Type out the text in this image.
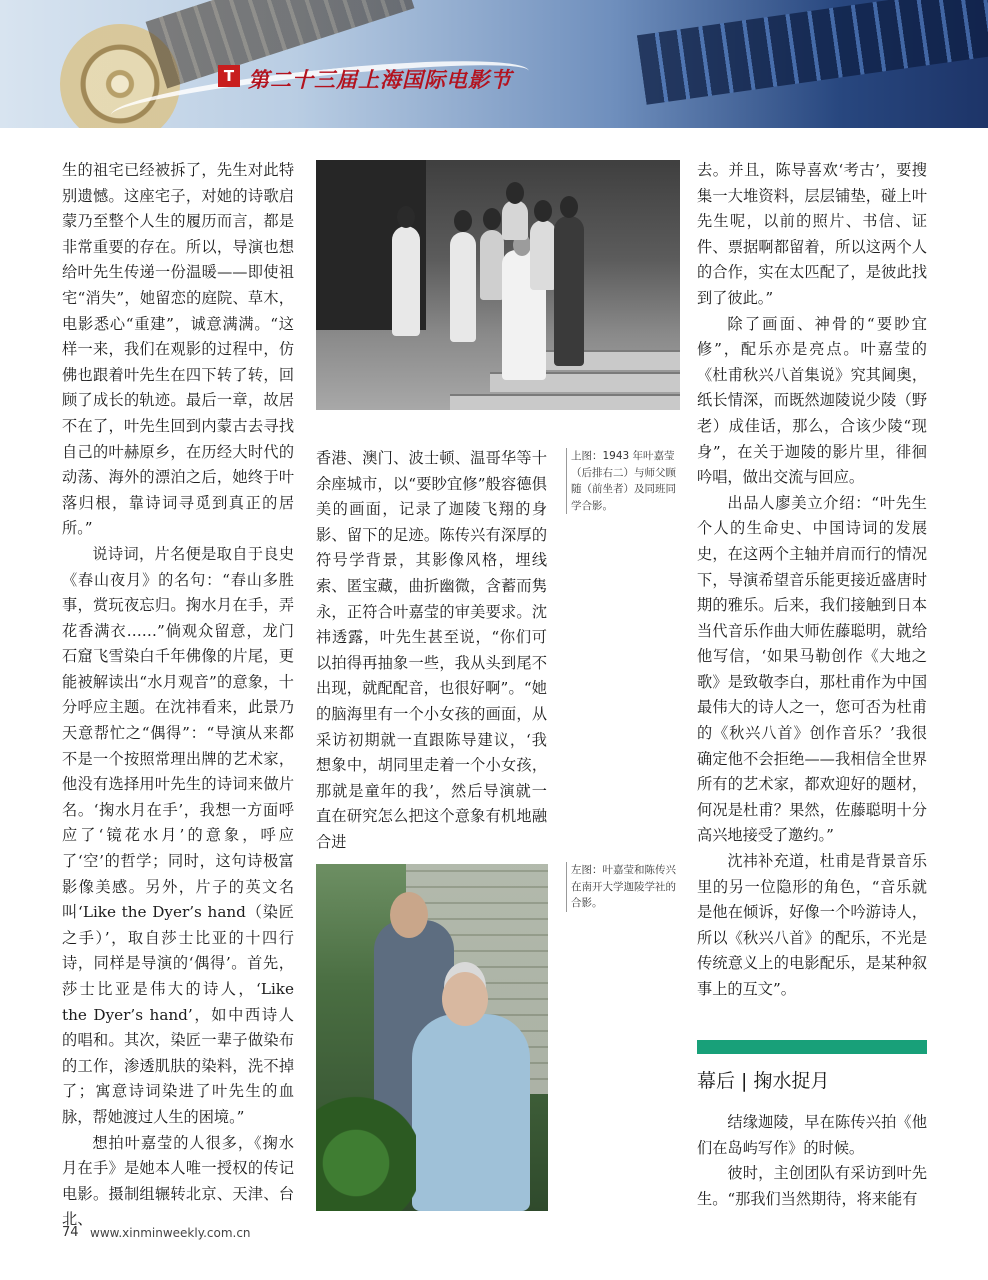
T 第二十三届上海国际电影节

生的祖宅已经被拆了，先生对此特别遗憾。这座宅子，对她的诗歌启蒙乃至整个人生的履历而言，都是非常重要的存在。所以，导演也想给叶先生传递一份温暖——即使祖宅“消失”，她留恋的庭院、草木，电影悉心“重建”，诚意满满。“这样一来，我们在观影的过程中，仿佛也跟着叶先生在四下转了转，回顾了成长的轨迹。最后一章，故居不在了，叶先生回到内蒙古去寻找自己的叶赫原乡，在历经大时代的动荡、海外的漂泊之后，她终于叶落归根，靠诗词寻觅到真正的居所。”

说诗词，片名便是取自于良史《春山夜月》的名句：“春山多胜事，赏玩夜忘归。掬水月在手，弄花香满衣……”倘观众留意，龙门石窟飞雪染白千年佛像的片尾，更能被解读出“水月观音”的意象，十分呼应主题。在沈祎看来，此景乃天意帮忙之“偶得”：“导演从来都不是一个按照常理出牌的艺术家，他没有选择用叶先生的诗词来做片名。‘掬水月在手’，我想一方面呼应了‘镜花水月’的意象，呼应了‘空’的哲学；同时，这句诗极富影像美感。另外，片子的英文名叫‘Like the Dyer’s hand（染匠之手）’，取自莎士比亚的十四行诗，同样是导演的‘偶得’。首先，莎士比亚是伟大的诗人，‘Like the Dyer’s hand’，如中西诗人的唱和。其次，染匠一辈子做染布的工作，渗透肌肤的染料，洗不掉了；寓意诗词染进了叶先生的血脉，帮她渡过人生的困境。”

想拍叶嘉莹的人很多，《掬水月在手》是她本人唯一授权的传记电影。摄制组辗转北京、天津、台北、

上图：1943 年叶嘉莹（后排右二）与师父顾随（前坐者）及同班同学合影。

香港、澳门、波士顿、温哥华等十余座城市，以“要眇宜修”般容德俱美的画面，记录了迦陵飞翔的身影、留下的足迹。陈传兴有深厚的符号学背景，其影像风格，埋线索、匿宝藏，曲折幽微，含蓄而隽永，正符合叶嘉莹的审美要求。沈祎透露，叶先生甚至说，“你们可以拍得再抽象一些，我从头到尾不出现，就配配音，也很好啊”。“她的脑海里有一个小女孩的画面，从采访初期就一直跟陈导建议，‘我想象中，胡同里走着一个小女孩，那就是童年的我’，然后导演就一直在研究怎么把这个意象有机地融合进

左图：叶嘉莹和陈传兴在南开大学迦陵学社的合影。

去。并且，陈导喜欢‘考古’，要搜集一大堆资料，层层铺垫，碰上叶先生呢，以前的照片、书信、证件、票据啊都留着，所以这两个人的合作，实在太匹配了，是彼此找到了彼此。”

除了画面、神骨的“要眇宜修”，配乐亦是亮点。叶嘉莹的《杜甫秋兴八首集说》究其阃奥，纸长情深，而既然迦陵说少陵（野老）成佳话，那么，合该少陵“现身”，在关于迦陵的影片里，徘徊吟唱，做出交流与回应。

出品人廖美立介绍：“叶先生个人的生命史、中国诗词的发展史，在这两个主轴并肩而行的情况下，导演希望音乐能更接近盛唐时期的雅乐。后来，我们接触到日本当代音乐作曲大师佐藤聪明，就给他写信，‘如果马勒创作《大地之歌》是致敬李白，那杜甫作为中国最伟大的诗人之一，您可否为杜甫的《秋兴八首》创作音乐？’我很确定他不会拒绝——我相信全世界所有的艺术家，都欢迎好的题材，何况是杜甫？果然，佐藤聪明十分高兴地接受了邀约。”

沈祎补充道，杜甫是背景音乐里的另一位隐形的角色，“音乐就是他在倾诉，好像一个吟游诗人，所以《秋兴八首》的配乐，不光是传统意义上的电影配乐，是某种叙事上的互文”。

幕后 | 掬水捉月

结缘迦陵，早在陈传兴拍《他们在岛屿写作》的时候。

彼时，主创团队有采访到叶先生。“那我们当然期待，将来能有

74 www.xinminweekly.com.cn
